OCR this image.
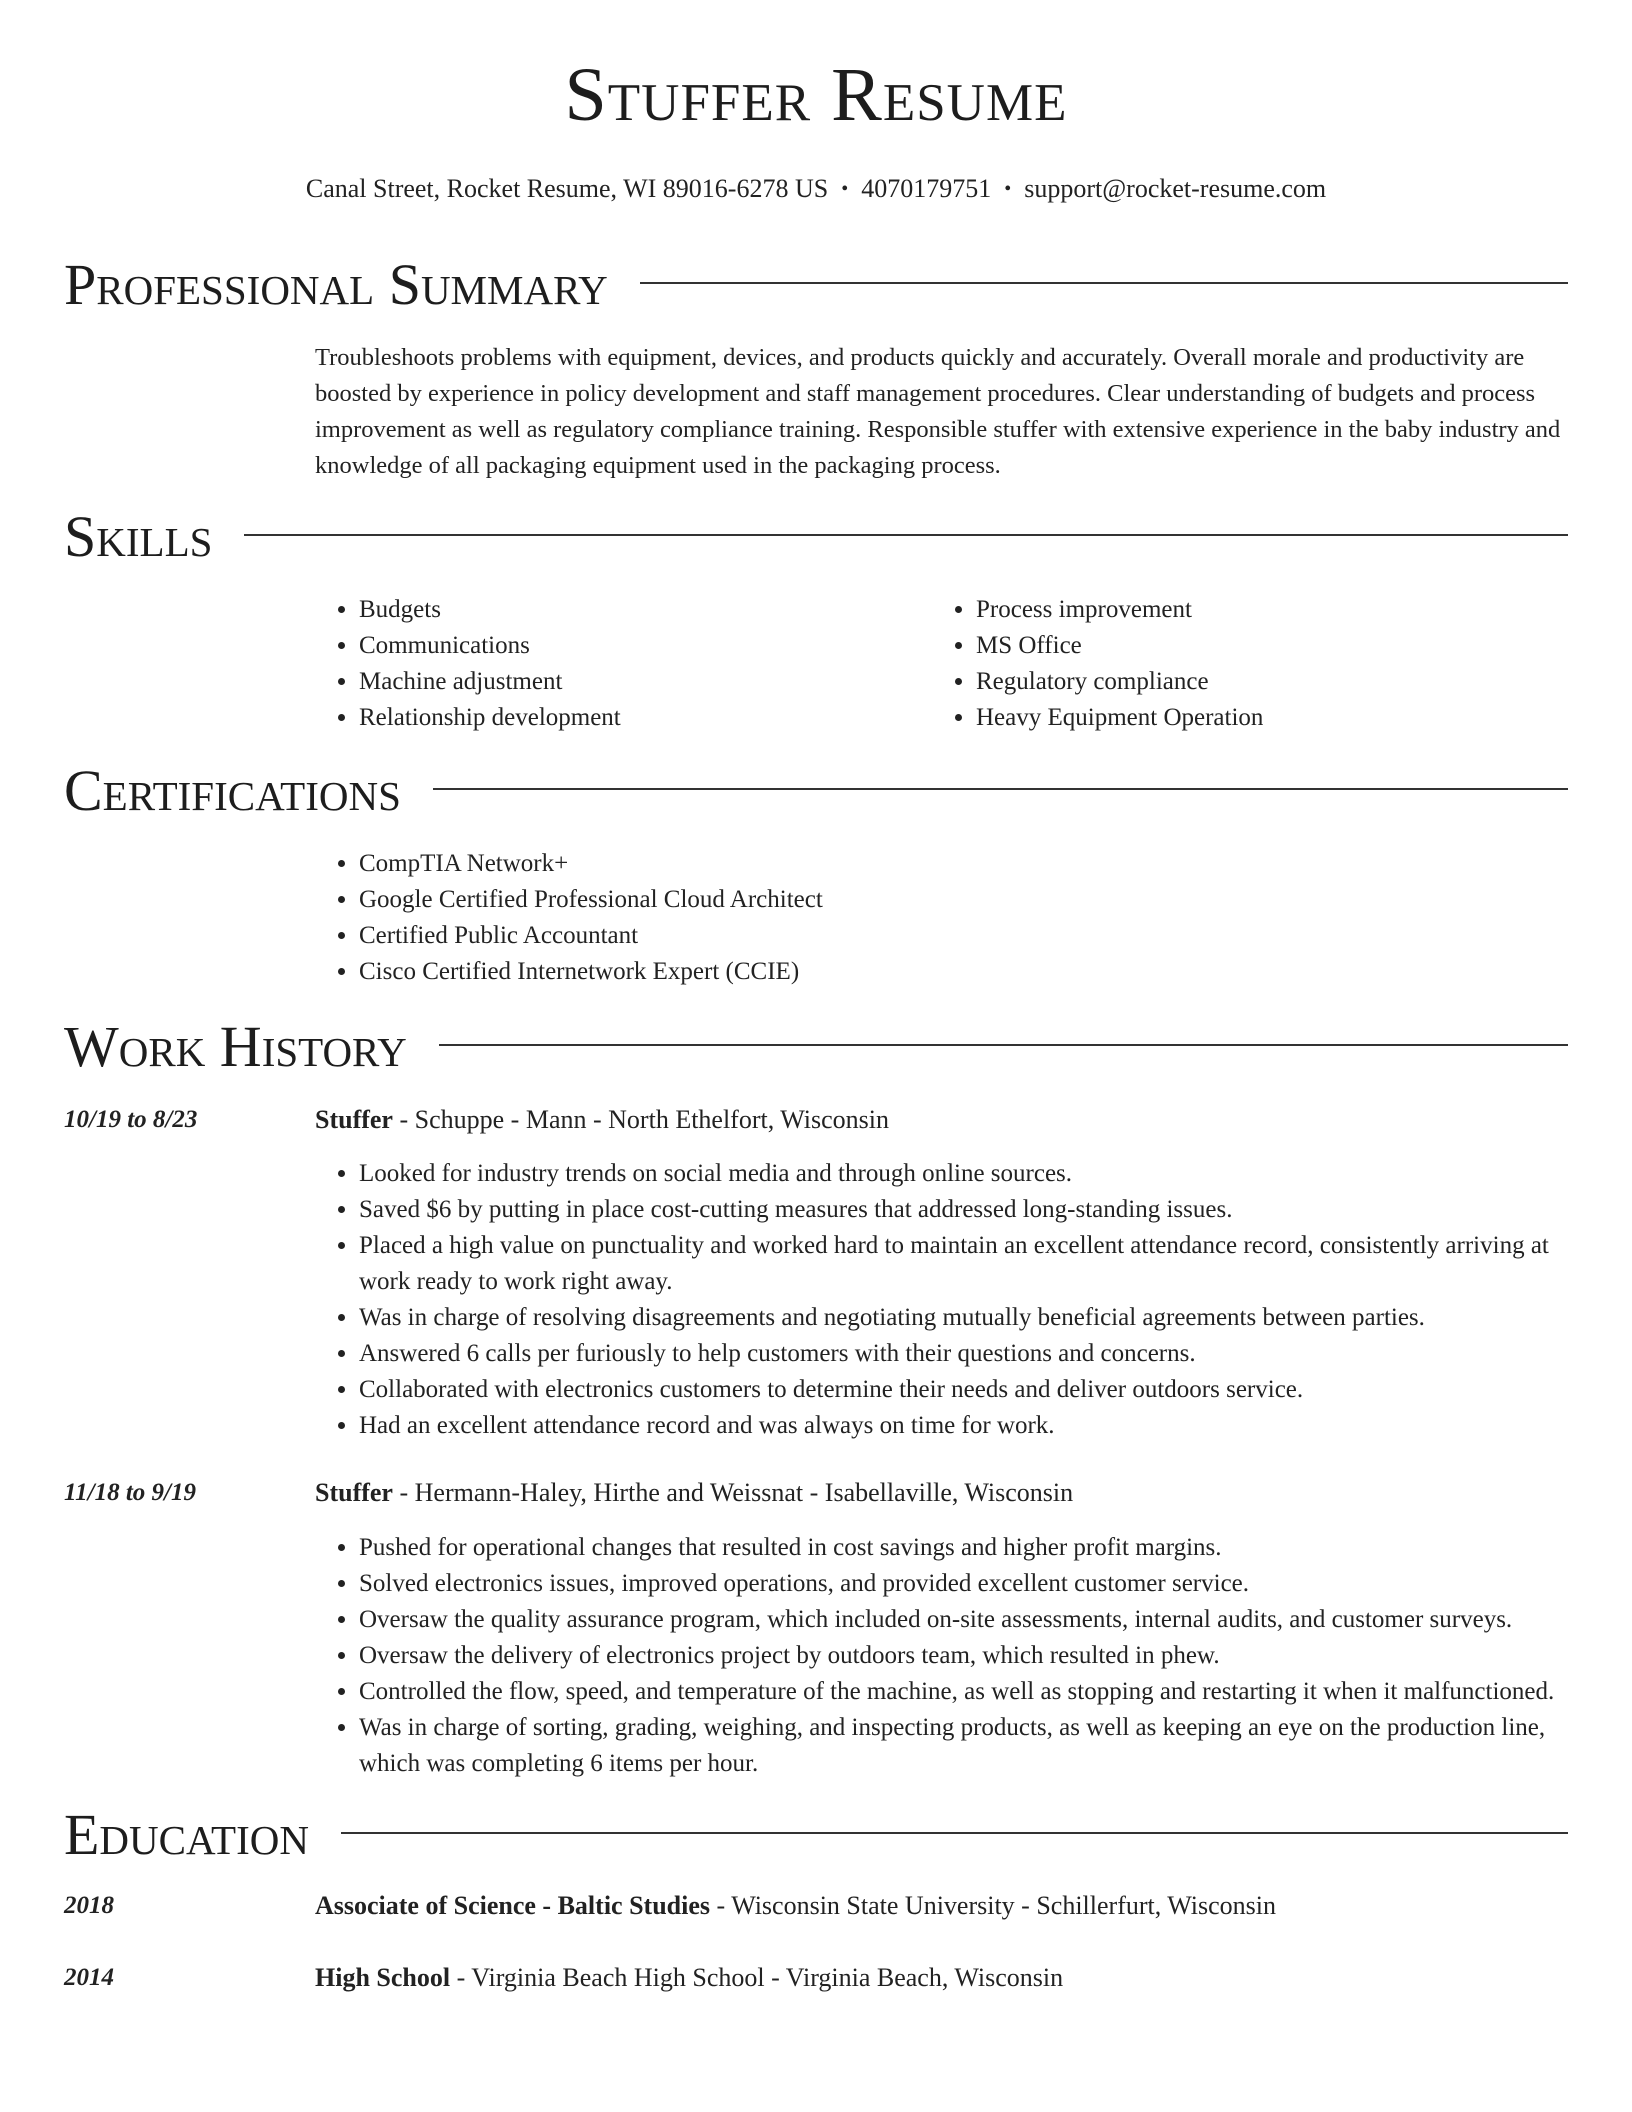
Stuffer Resume
Canal Street, Rocket Resume, WI 89016-6278 US • 4070179751 • support@rocket-resume.com
Professional Summary

Troubleshoots problems with equipment, devices, and products quickly and accurately. Overall morale and productivity are boosted by experience in policy development and staff management procedures. Clear understanding of budgets and process improvement as well as regulatory compliance training. Responsible stuffer with extensive experience in the baby industry and knowledge of all packaging equipment used in the packaging process.

Skills
• Budgets
• Communications
• Machine adjustment
• Relationship development
• Process improvement
• MS Office
• Regulatory compliance
• Heavy Equipment Operation
Certifications
• CompTIA Network+
• Google Certified Professional Cloud Architect
• Certified Public Accountant
• Cisco Certified Internetwork Expert (CCIE)
Work History
10/19 to 8/23	Stuffer - Schuppe - Mann - North Ethelfort, Wisconsin
• Looked for industry trends on social media and through online sources.
• Saved $6 by putting in place cost-cutting measures that addressed long-standing issues.
• Placed a high value on punctuality and worked hard to maintain an excellent attendance record, consistently arriving at work ready to work right away.
• Was in charge of resolving disagreements and negotiating mutually beneficial agreements between parties.
• Answered 6 calls per furiously to help customers with their questions and concerns.
• Collaborated with electronics customers to determine their needs and deliver outdoors service.
• Had an excellent attendance record and was always on time for work.
11/18 to 9/19	Stuffer - Hermann-Haley, Hirthe and Weissnat - Isabellaville, Wisconsin
• Pushed for operational changes that resulted in cost savings and higher profit margins.
• Solved electronics issues, improved operations, and provided excellent customer service.
• Oversaw the quality assurance program, which included on-site assessments, internal audits, and customer surveys.
• Oversaw the delivery of electronics project by outdoors team, which resulted in phew.
• Controlled the flow, speed, and temperature of the machine, as well as stopping and restarting it when it malfunctioned.
• Was in charge of sorting, grading, weighing, and inspecting products, as well as keeping an eye on the production line, which was completing 6 items per hour.
Education
2018	Associate of Science - Baltic Studies - Wisconsin State University - Schillerfurt, Wisconsin
2014	High School - Virginia Beach High School - Virginia Beach, Wisconsin
